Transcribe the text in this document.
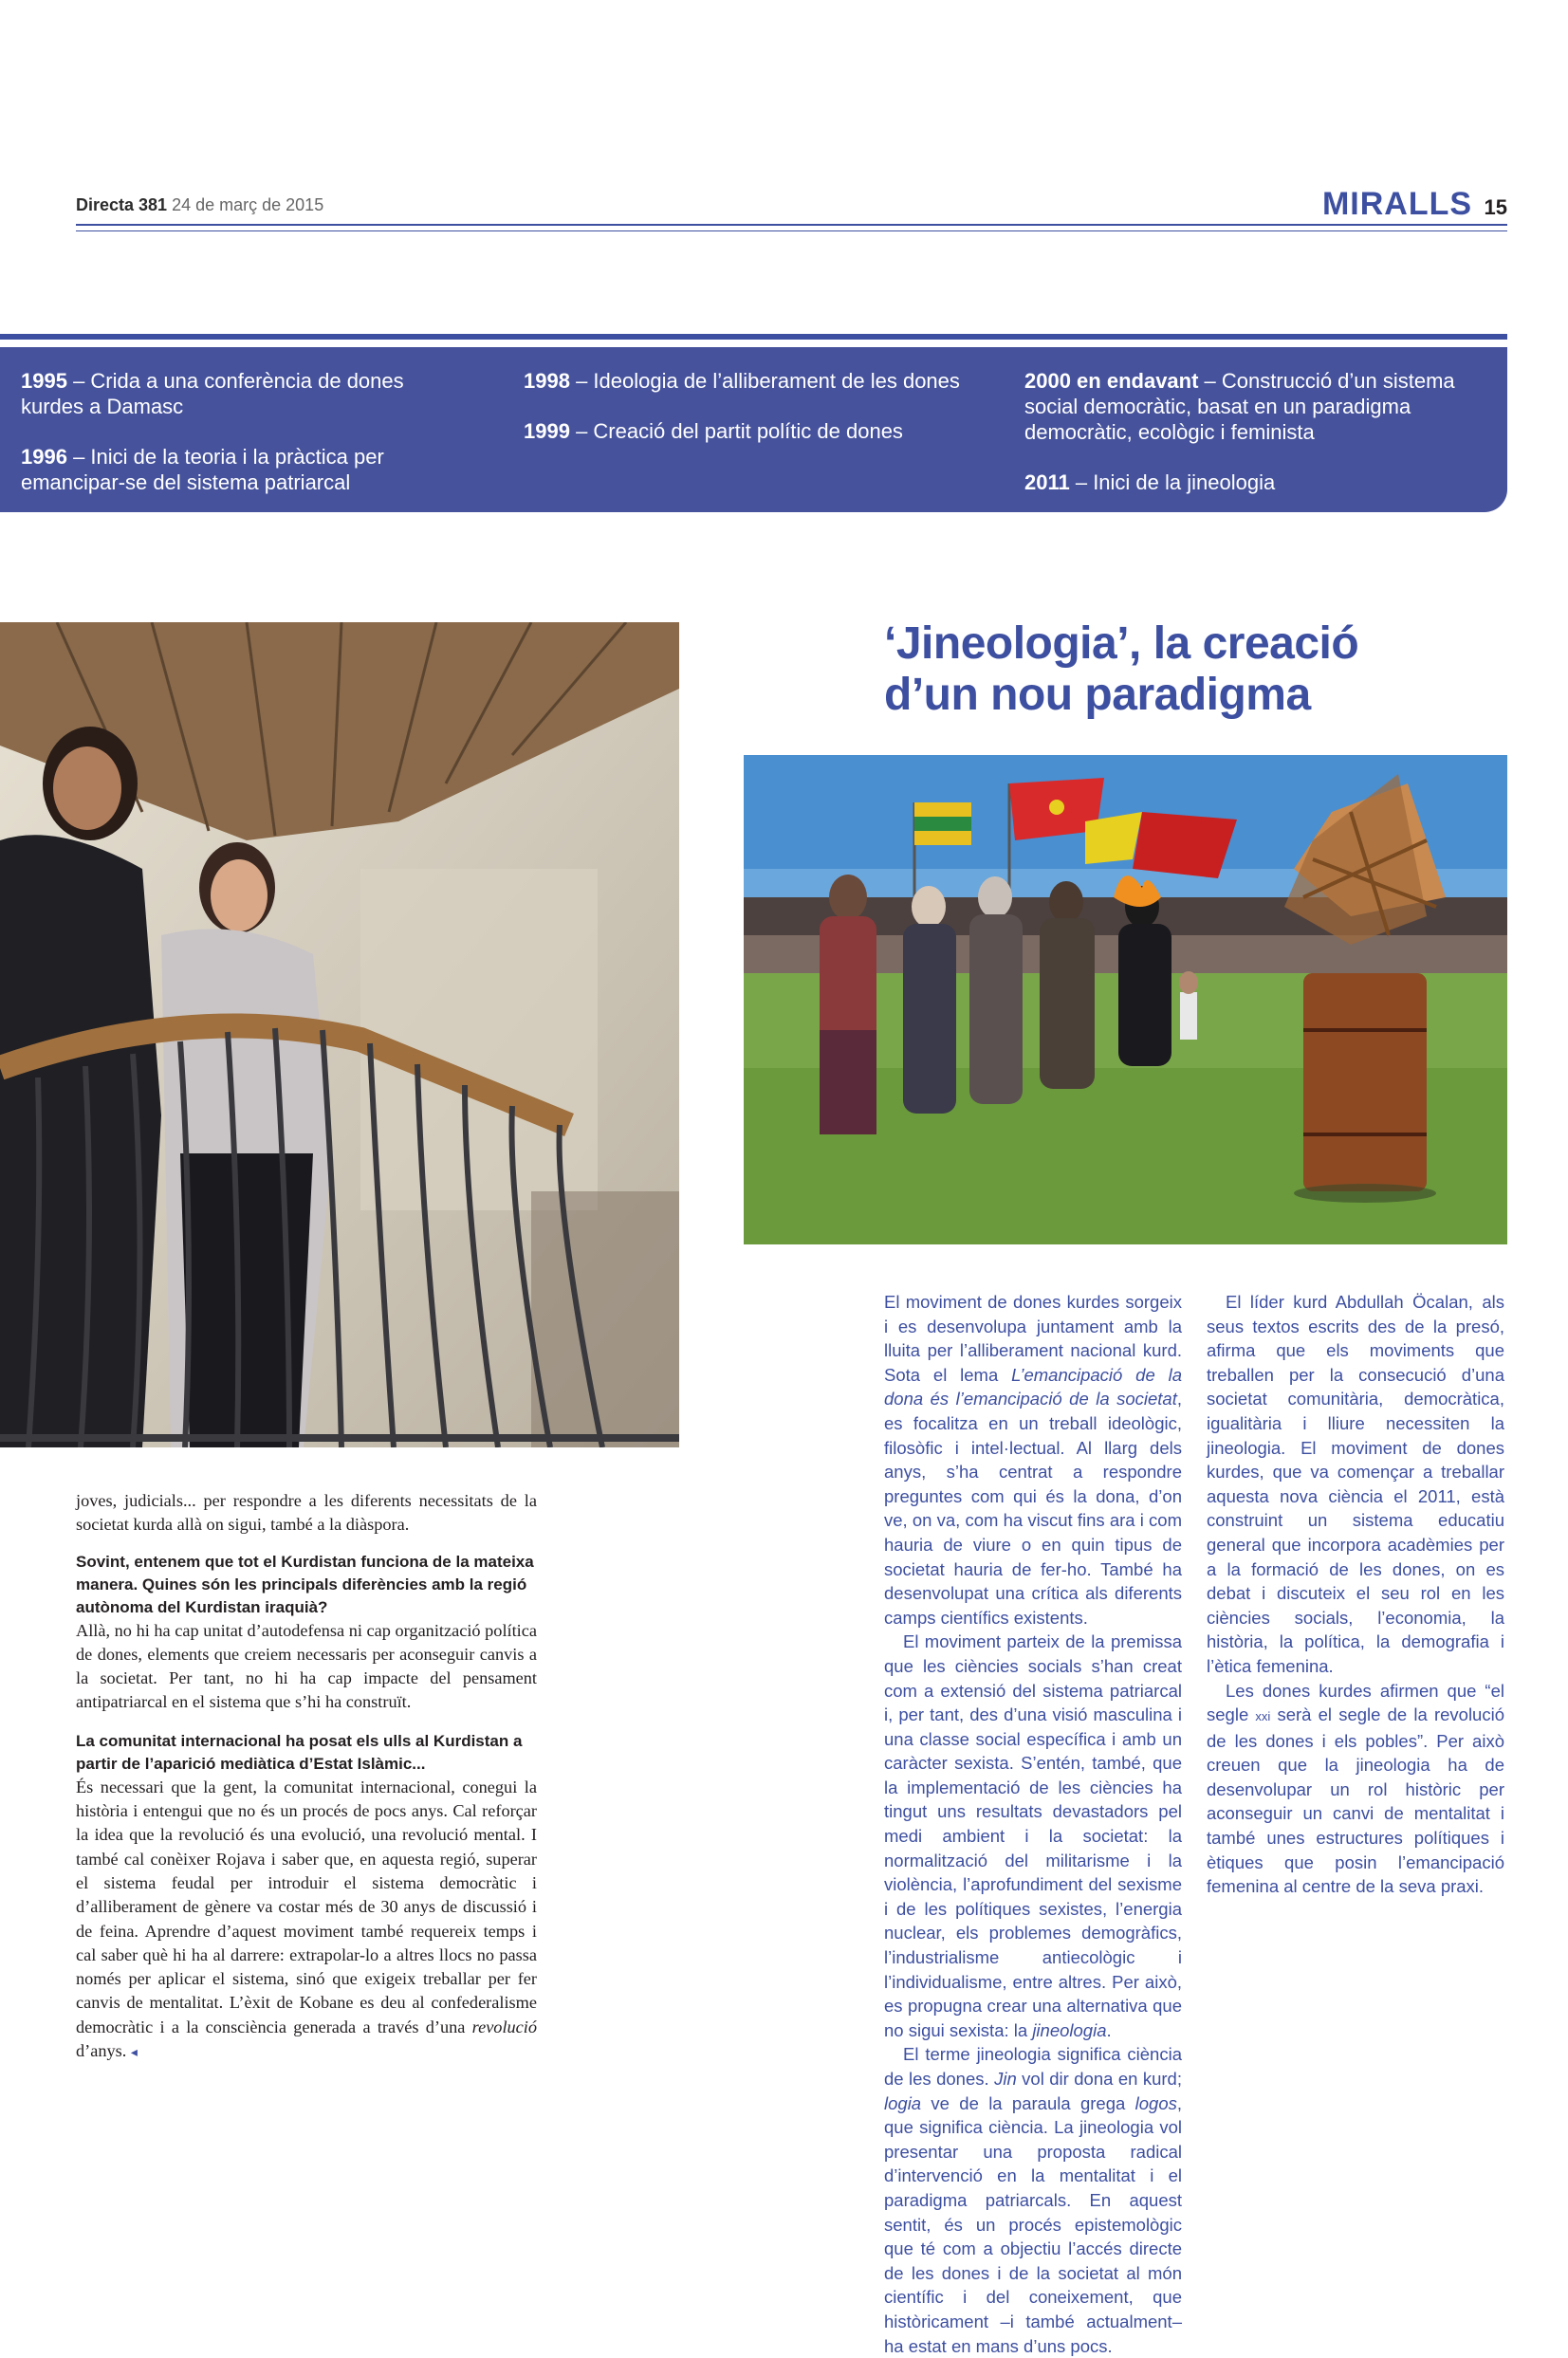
Directa 381 24 de març de 2015	MIRALLS 15
1995 – Crida a una conferència de dones kurdes a Damasc
1996 – Inici de la teoria i la pràctica per emancipar-se del sistema patriarcal
1998 – Ideologia de l’alliberament de les dones
1999 – Creació del partit polític de dones
2000 en endavant – Construcció d’un sistema social democràtic, basat en un paradigma democràtic, ecològic i feminista
2011 – Inici de la jineologia
‘Jineologia’, la creació
d’un nou paradigma

joves, judicials... per respondre a les diferents necessitats de la societat kurda allà on sigui, també a la diàspora.

Sovint, entenem que tot el Kurdistan funciona de la mateixa manera. Quines són les principals diferències amb la regió autònoma del Kurdistan iraquià?

Allà, no hi ha cap unitat d’autodefensa ni cap organització política de dones, elements que creiem necessaris per aconseguir canvis a la societat. Per tant, no hi ha cap impacte del pensament antipatriarcal en el sistema que s’hi ha construït.

La comunitat internacional ha posat els ulls al Kurdistan a partir de l’aparició mediàtica d’Estat Islàmic...

És necessari que la gent, la comunitat internacional, conegui la història i entengui que no és un procés de pocs anys. Cal reforçar la idea que la revolució és una evolució, una revolució mental. I també cal conèixer Rojava i saber que, en aquesta regió, superar el sistema feudal per introduir el sistema democràtic i d’alliberament de gènere va costar més de 30 anys de discussió i de feina. Aprendre d’aquest moviment també requereix temps i cal saber què hi ha al darrere: extrapolar-lo a altres llocs no passa només per aplicar el sistema, sinó que exigeix treballar per fer canvis de mentalitat. L’èxit de Kobane es deu al confederalisme democràtic i a la consciència generada a través d’una revolució d’anys. ◂

El moviment de dones kurdes sorgeix i es desenvolupa juntament amb la lluita per l’alliberament nacional kurd. Sota el lema L’emancipació de la dona és l’emancipació de la societat, es focalitza en un treball ideològic, filosòfic i intel·lectual. Al llarg dels anys, s’ha centrat a respondre preguntes com qui és la dona, d’on ve, on va, com ha viscut fins ara i com hauria de viure o en quin tipus de societat hauria de fer-ho. També ha desenvolupat una crítica als diferents camps científics existents.

El moviment parteix de la premissa que les ciències socials s’han creat com a extensió del sistema patriarcal i, per tant, des d’una visió masculina i una classe social específica i amb un caràcter sexista. S’entén, també, que la implementació de les ciències ha tingut uns resultats devastadors pel medi ambient i la societat: la normalització del militarisme i la violència, l’aprofundiment del sexisme i de les polítiques sexistes, l’energia nuclear, els problemes demogràfics, l’industrialisme antiecològic i l’individualisme, entre altres. Per això, es propugna crear una alternativa que no sigui sexista: la jineologia.

El terme jineologia significa ciència de les dones. Jin vol dir dona en kurd; logia ve de la paraula grega logos, que significa ciència. La jineologia vol presentar una proposta radical d’intervenció en la mentalitat i el paradigma patriarcals. En aquest sentit, és un procés epistemològic que té com a objectiu l’accés directe de les dones i de la societat al món científic i del coneixement, que històricament –i també actualment– ha estat en mans d’uns pocs.

El líder kurd Abdullah Öcalan, als seus textos escrits des de la presó, afirma que els moviments que treballen per la consecució d’una societat comunitària, democràtica, igualitària i lliure necessiten la jineologia. El moviment de dones kurdes, que va començar a treballar aquesta nova ciència el 2011, està construint un sistema educatiu general que incorpora acadèmies per a la formació de les dones, on es debat i discuteix el seu rol en les ciències socials, l’economia, la història, la política, la demografia i l’ètica femenina.

Les dones kurdes afirmen que “el segle xxi serà el segle de la revolució de les dones i els pobles”. Per això creuen que la jineologia ha de desenvolupar un rol històric per aconseguir un canvi de mentalitat i també unes estructures polítiques i ètiques que posin l’emancipació femenina al centre de la seva praxi.
